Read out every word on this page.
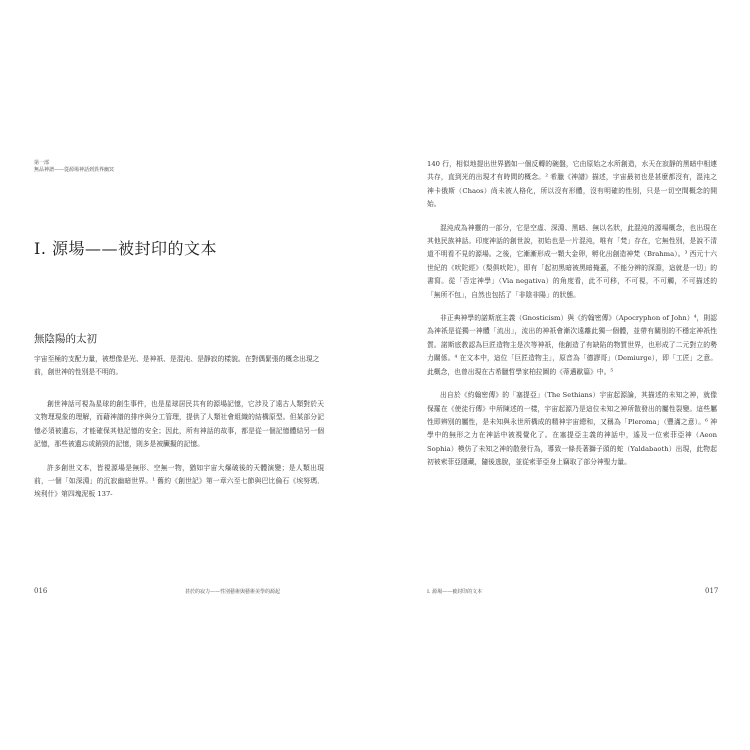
第一部
無品神譜——從源場神話到異界幽冥
I. 源場——被封印的文本
無陰陽的太初
宇宙至極的支配力量，被想像是光、是神祇、是混沌、是靜寂的樣貌。在對偶緊張的概念出現之前，創世神的性別是不明的。

創世神話可視為星球的創生事件，也是星球居民共有的源場記憶，它涉及了遠古人類對於天文物理現象的理解，而藉神譜的排序與分工管理，提供了人類社會組織的結構原型。但某部分記憶必須被遺忘，才能確保其他記憶的安全；因此，所有神話的故事，都是從一個記憶體結另一個記憶，那些被遺忘或銷毀的記憶，則多是被臟擬的記憶。

許多創世文本，皆視源場是無形、空無一物，猶如宇宙大爆破後的天體演變；是人類出現前，一個「如深淵」的沉寂幽暗世界。¹ 舊約《創世記》第一章六至七節與巴比倫石《埃努瑪．埃利什》第四塊泥板 137-

016	甚於的寂力——性別藝術與藝術美學的源起

140 行，相似地提出世界猶如一個反轉的碗盤，它由原始之水所創造，水天在寂靜的黑暗中相連共存，直到光的出現才有時間的概念。² 希臘《神譜》描述，宇宙最初也是甚麼都沒有，混沌之神卡俄斯（Chaos）尚未被人格化，所以沒有形體，沒有明確的性別，只是一切空間概念的開始。

混沌成為神靈的一部分，它是空虛、深淵、黑暗、無以名狀，此混沌的源場概念，也出現在其他民族神話。印度神話的創世說，初始也是一片混沌，唯有「梵」存在，它無性別，是說不清道不明看不見的源場。之後，它漸漸形成一顆大金卵，孵化出創造神梵（Brahma）。³ 西元十六世紀的《吠陀經》（梨俱吠陀），即有「起初黑暗被黑暗掩蓋，不能分辨的深淵，這就是一切」的書寫。從「否定神學」（Via negativa）的角度看，此不可移，不可視，不可觸，不可描述的「無所不包」，自然也包括了「非陰非陽」的狀態。

非正典神學的諾斯底主義（Gnosticism）與《約翰密傳》（Apocryphon of John）⁴，則認為神祇是從獨一神體「流出」，流出的神祇會漸次遠離此獨一個體，並帶有關別的不穩定神祇性質。諾斯底教認為巨匠造物主是次等神祇，他創造了有缺陷的物質世界，也形成了二元對立的勢力關係。⁴ 在文本中，這位「巨匠造物主」，原音為「德謬哥」（Demiurge），即「工匠」之意。此概念，也曾出現在古希臘哲學家柏拉圖的《蒂邁歐篇》中。⁵

出自於《約翰密傳》的「塞提亞」（The Sethians）宇宙起源論，其描述的未知之神，就像保羅在《使徒行傳》中所陳述的一樣，宇宙起源乃是這位未知之神所散發出的屬性裂變。這些屬性即辨別的屬性，是未知與永世所構成的精神宇宙總和，又稱為「Pleroma」（豐滿之意）。⁶ 神學中的無形之力在神話中被視覺化了。在塞提亞主義的神話中，遙及一位索菲亞神（Aeon Sophia）模仿了未知之神的散發行為，導致一條長著獅子頭的蛇（Yaldabaoth）出現，此物起初被索菲亞隱藏，隨後逃脫，並從索菲亞身上竊取了部分神聖力量。

I. 源場——被封印的文本	017
